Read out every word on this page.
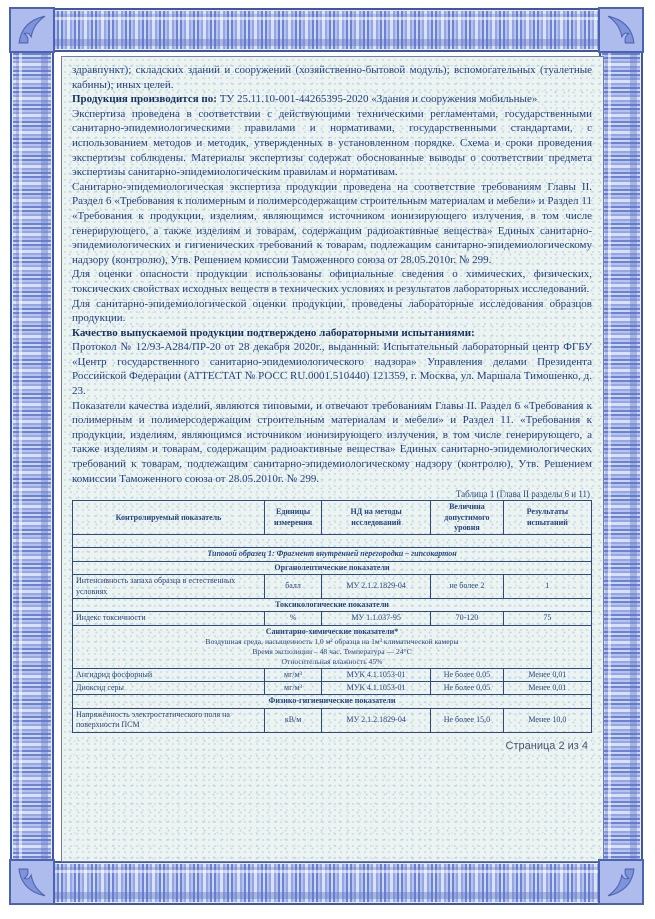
здравпункт); складских зданий и сооружений (хозяйственно-бытовой модуль); вспомогательных (туалетные кабины); иных целей.

Продукция производится по: ТУ 25.11.10-001-44265395-2020 «Здания и сооружения мобильные»

Экспертиза проведена в соответствии с действующими техническими регламентами, государственными санитарно-эпидемиологическими правилами и нормативами, государственными стандартами, с использованием методов и методик, утвержденных в установленном порядке. Схема и сроки проведения экспертизы соблюдены. Материалы экспертизы содержат обоснованные выводы о соответствии предмета экспертизы санитарно-эпидемиологическим правилам и нормативам.

Санитарно-эпидемиологическая экспертиза продукции проведена на соответствие требованиям Главы II. Раздел 6 «Требования к полимерным и полимерсодержащим строительным материалам и мебели» и Раздел 11 «Требования к продукции, изделиям, являющимся источником ионизирующего излучения, в том числе генерирующего, а также изделиям и товарам, содержащим радиоактивные вещества» Единых санитарно-эпидемиологических и гигиенических требований к товарам, подлежащим санитарно-эпидемиологическому надзору (контролю), Утв. Решением комиссии Таможенного союза от 28.05.2010г. № 299.

Для оценки опасности продукции использованы официальные сведения о химических, физических, токсических свойствах исходных веществ в технических условиях и результатов лабораторных исследований.

Для санитарно-эпидемиологической оценки продукции, проведены лабораторные исследования образцов продукции.

Качество выпускаемой продукции подтверждено лабораторными испытаниями:

Протокол № 12/93-А284/ПР-20 от 28 декабря 2020г., выданный: Испытательный лабораторный центр ФГБУ «Центр государственного санитарно-эпидемиологического надзора» Управления делами Президента Российской Федерации (АТТЕСТАТ № РОСС RU.0001.510440) 121359, г. Москва, ул. Маршала Тимошенко, д. 23.

Показатели качества изделий, являются типовыми, и отвечают требованиям Главы II. Раздел 6 «Требования к полимерным и полимерсодержащим строительным материалам и мебели» и Раздел 11. «Требования к продукции, изделиям, являющимся источником ионизирующего излучения, в том числе генерирующего, а также изделиям и товарам, содержащим радиоактивные вещества» Единых санитарно-эпидемиологических требований к товарам, подлежащим санитарно-эпидемиологическому надзору (контролю), Утв. Решением комиссии Таможенного союза от 28.05.2010г. № 299.

Таблица 1 (Глава II разделы 6 и 11)
Контролируемый показатель	Единицы измерения	НД на методы исследований	Величина допустимого уровня	Результаты испытаний

Типовой образец 1: Фрагмент внутренней перегородки – гипсокартон				
Органолептические показатели				
Интенсивность запаха образца в естественных условиях	балл	МУ 2.1.2.1829-04	не более 2	1
Токсикологические показатели				
Индекс токсичности	%	МУ 1.1.037-95	70-120	75
Санитарно-химические показатели*
Воздушная среда, насыщенность 1,0 м² образца на 1м³ климатической камеры
Время экспозиции – 48 час. Температура — 24°С
Относительная влажность 45%				

Ангидрид фосфорный	мг/м³	МУК 4.1.1053-01	Не более 0,05	Менее 0,01
Диоксид серы	мг/м³	МУК 4.1.1053-01	Не более 0,05	Менее 0,01
Физико-гигиенические показатели				
Напряжённость электростатического поля на поверхности ПСМ	кВ/м	МУ 2.1.2.1829-04	Не более 15,0	Менее 10,0
Страница 2 из 4
